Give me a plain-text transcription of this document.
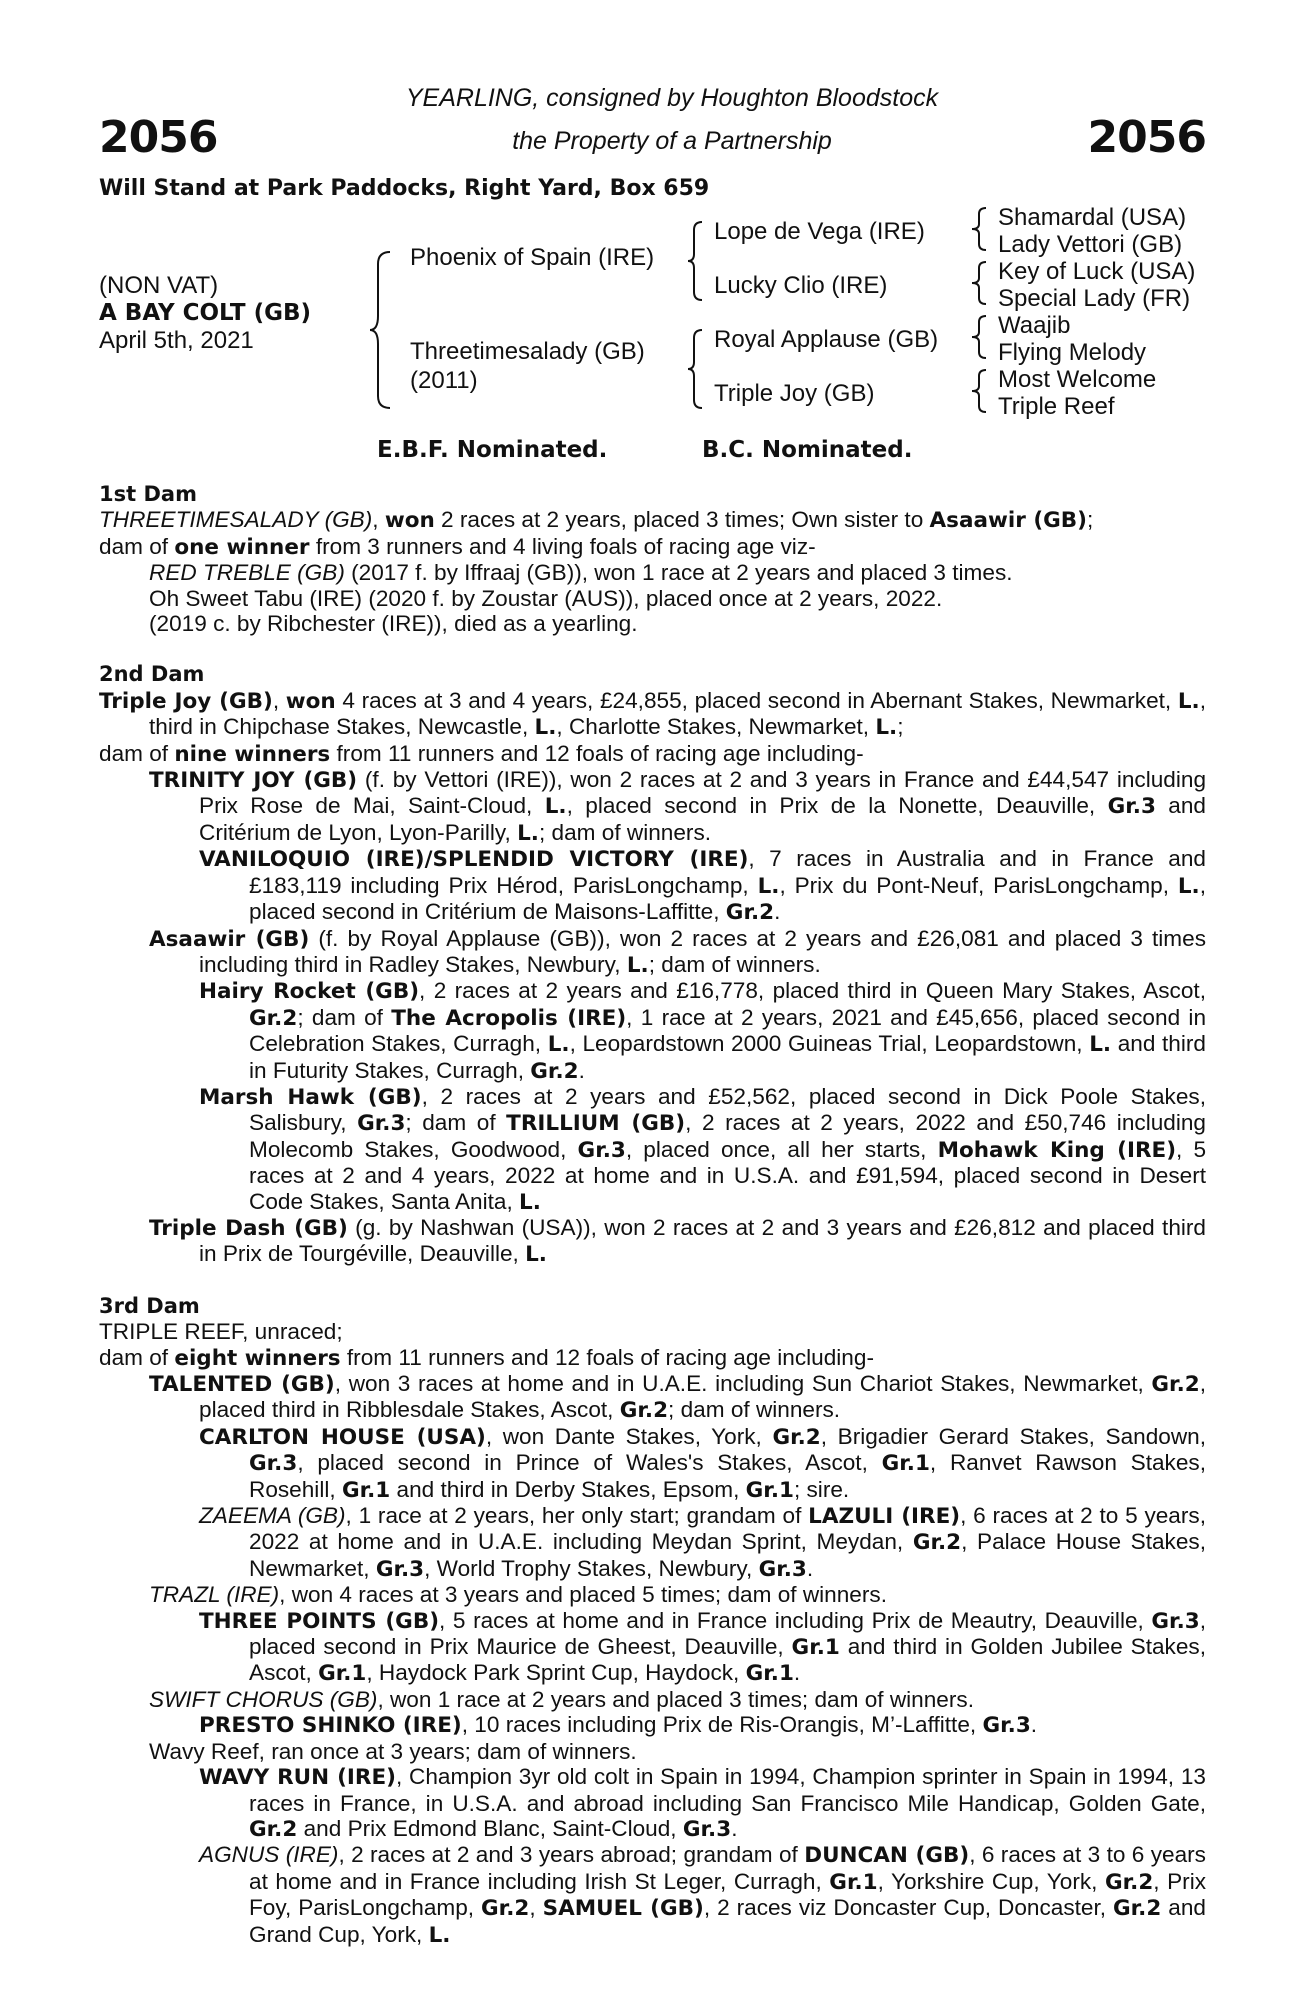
2056	2056
YEARLING, consigned by Houghton Bloodstock
the Property of a Partnership
Will Stand at Park Paddocks, Right Yard, Box 659
(NON VAT)
A BAY COLT (GB)
April 5th, 2021
Phoenix of Spain (IRE)
Threetimesalady (GB)
(2011)
Lope de Vega (IRE)
Lucky Clio (IRE)
Royal Applause (GB)
Triple Joy (GB)
Shamardal (USA)
Lady Vettori (GB)
Key of Luck (USA)
Special Lady (FR)
Waajib
Flying Melody
Most Welcome
Triple Reef
E.B.F. Nominated.	B.C. Nominated.
1st Dam

THREETIMESALADY (GB), won 2 races at 2 years, placed 3 times; Own sister to Asaawir (GB);

dam of one winner from 3 runners and 4 living foals of racing age viz-

RED TREBLE (GB) (2017 f. by Iffraaj (GB)), won 1 race at 2 years and placed 3 times.

Oh Sweet Tabu (IRE) (2020 f. by Zoustar (AUS)), placed once at 2 years, 2022.

(2019 c. by Ribchester (IRE)), died as a yearling.

2nd Dam

Triple Joy (GB), won 4 races at 3 and 4 years, £24,855, placed second in Abernant Stakes, Newmarket, L., third in Chipchase Stakes, Newcastle, L., Charlotte Stakes, Newmarket, L.;

dam of nine winners from 11 runners and 12 foals of racing age including-

TRINITY JOY (GB) (f. by Vettori (IRE)), won 2 races at 2 and 3 years in France and £44,547 including Prix Rose de Mai, Saint-Cloud, L., placed second in Prix de la Nonette, Deauville, Gr.3 and Critérium de Lyon, Lyon-Parilly, L.; dam of winners.

VANILOQUIO (IRE)/SPLENDID VICTORY (IRE), 7 races in Australia and in France and £183,119 including Prix Hérod, ParisLongchamp, L., Prix du Pont-Neuf, ParisLongchamp, L., placed second in Critérium de Maisons-Laffitte, Gr.2.

Asaawir (GB) (f. by Royal Applause (GB)), won 2 races at 2 years and £26,081 and placed 3 times including third in Radley Stakes, Newbury, L.; dam of winners.

Hairy Rocket (GB), 2 races at 2 years and £16,778, placed third in Queen Mary Stakes, Ascot, Gr.2; dam of The Acropolis (IRE), 1 race at 2 years, 2021 and £45,656, placed second in Celebration Stakes, Curragh, L., Leopardstown 2000 Guineas Trial, Leopardstown, L. and third in Futurity Stakes, Curragh, Gr.2.

Marsh Hawk (GB), 2 races at 2 years and £52,562, placed second in Dick Poole Stakes, Salisbury, Gr.3; dam of TRILLIUM (GB), 2 races at 2 years, 2022 and £50,746 including Molecomb Stakes, Goodwood, Gr.3, placed once, all her starts, Mohawk King (IRE), 5 races at 2 and 4 years, 2022 at home and in U.S.A. and £91,594, placed second in Desert Code Stakes, Santa Anita, L.

Triple Dash (GB) (g. by Nashwan (USA)), won 2 races at 2 and 3 years and £26,812 and placed third in Prix de Tourgéville, Deauville, L.

3rd Dam

TRIPLE REEF, unraced;

dam of eight winners from 11 runners and 12 foals of racing age including-

TALENTED (GB), won 3 races at home and in U.A.E. including Sun Chariot Stakes, Newmarket, Gr.2, placed third in Ribblesdale Stakes, Ascot, Gr.2; dam of winners.

CARLTON HOUSE (USA), won Dante Stakes, York, Gr.2, Brigadier Gerard Stakes, Sandown, Gr.3, placed second in Prince of Wales's Stakes, Ascot, Gr.1, Ranvet Rawson Stakes, Rosehill, Gr.1 and third in Derby Stakes, Epsom, Gr.1; sire.

ZAEEMA (GB), 1 race at 2 years, her only start; grandam of LAZULI (IRE), 6 races at 2 to 5 years, 2022 at home and in U.A.E. including Meydan Sprint, Meydan, Gr.2, Palace House Stakes, Newmarket, Gr.3, World Trophy Stakes, Newbury, Gr.3.

TRAZL (IRE), won 4 races at 3 years and placed 5 times; dam of winners.

THREE POINTS (GB), 5 races at home and in France including Prix de Meautry, Deauville, Gr.3, placed second in Prix Maurice de Gheest, Deauville, Gr.1 and third in Golden Jubilee Stakes, Ascot, Gr.1, Haydock Park Sprint Cup, Haydock, Gr.1.

SWIFT CHORUS (GB), won 1 race at 2 years and placed 3 times; dam of winners.

PRESTO SHINKO (IRE), 10 races including Prix de Ris-Orangis, M’-Laffitte, Gr.3.

Wavy Reef, ran once at 3 years; dam of winners.

WAVY RUN (IRE), Champion 3yr old colt in Spain in 1994, Champion sprinter in Spain in 1994, 13 races in France, in U.S.A. and abroad including San Francisco Mile Handicap, Golden Gate, Gr.2 and Prix Edmond Blanc, Saint-Cloud, Gr.3.

AGNUS (IRE), 2 races at 2 and 3 years abroad; grandam of DUNCAN (GB), 6 races at 3 to 6 years at home and in France including Irish St Leger, Curragh, Gr.1, Yorkshire Cup, York, Gr.2, Prix Foy, ParisLongchamp, Gr.2, SAMUEL (GB), 2 races viz Doncaster Cup, Doncaster, Gr.2 and Grand Cup, York, L.
